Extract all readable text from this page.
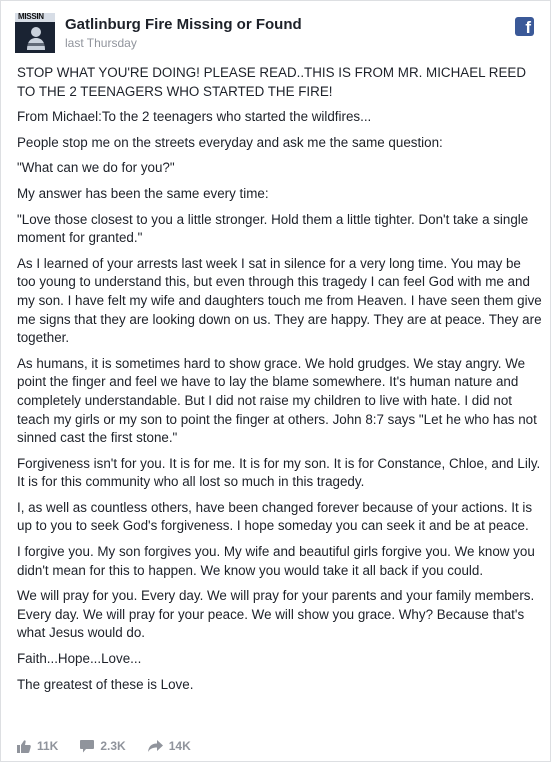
MISSIN Gatlinburg Fire Missing or Found
last Thursday
f

STOP WHAT YOU'RE DOING! PLEASE READ..THIS IS FROM MR. MICHAEL REED TO THE 2 TEENAGERS WHO STARTED THE FIRE!

From Michael:To the 2 teenagers who started the wildfires...

People stop me on the streets everyday and ask me the same question:

"What can we do for you?"

My answer has been the same every time:

"Love those closest to you a little stronger. Hold them a little tighter. Don't take a single moment for granted."

As I learned of your arrests last week I sat in silence for a very long time. You may be too young to understand this, but even through this tragedy I can feel God with me and my son. I have felt my wife and daughters touch me from Heaven. I have seen them give me signs that they are looking down on us. They are happy. They are at peace. They are together.

As humans, it is sometimes hard to show grace. We hold grudges. We stay angry. We point the finger and feel we have to lay the blame somewhere. It's human nature and completely understandable. But I did not raise my children to live with hate. I did not teach my girls or my son to point the finger at others. John 8:7 says "Let he who has not sinned cast the first stone."

Forgiveness isn't for you. It is for me. It is for my son. It is for Constance, Chloe, and Lily. It is for this community who all lost so much in this tragedy.

I, as well as countless others, have been changed forever because of your actions. It is up to you to seek God's forgiveness. I hope someday you can seek it and be at peace.

I forgive you. My son forgives you. My wife and beautiful girls forgive you. We know you didn't mean for this to happen. We know you would take it all back if you could.

We will pray for you. Every day. We will pray for your parents and your family members. Every day. We will pray for your peace. We will show you grace. Why? Because that's what Jesus would do.

Faith...Hope...Love...

The greatest of these is Love.

11K	2.3K	14K
